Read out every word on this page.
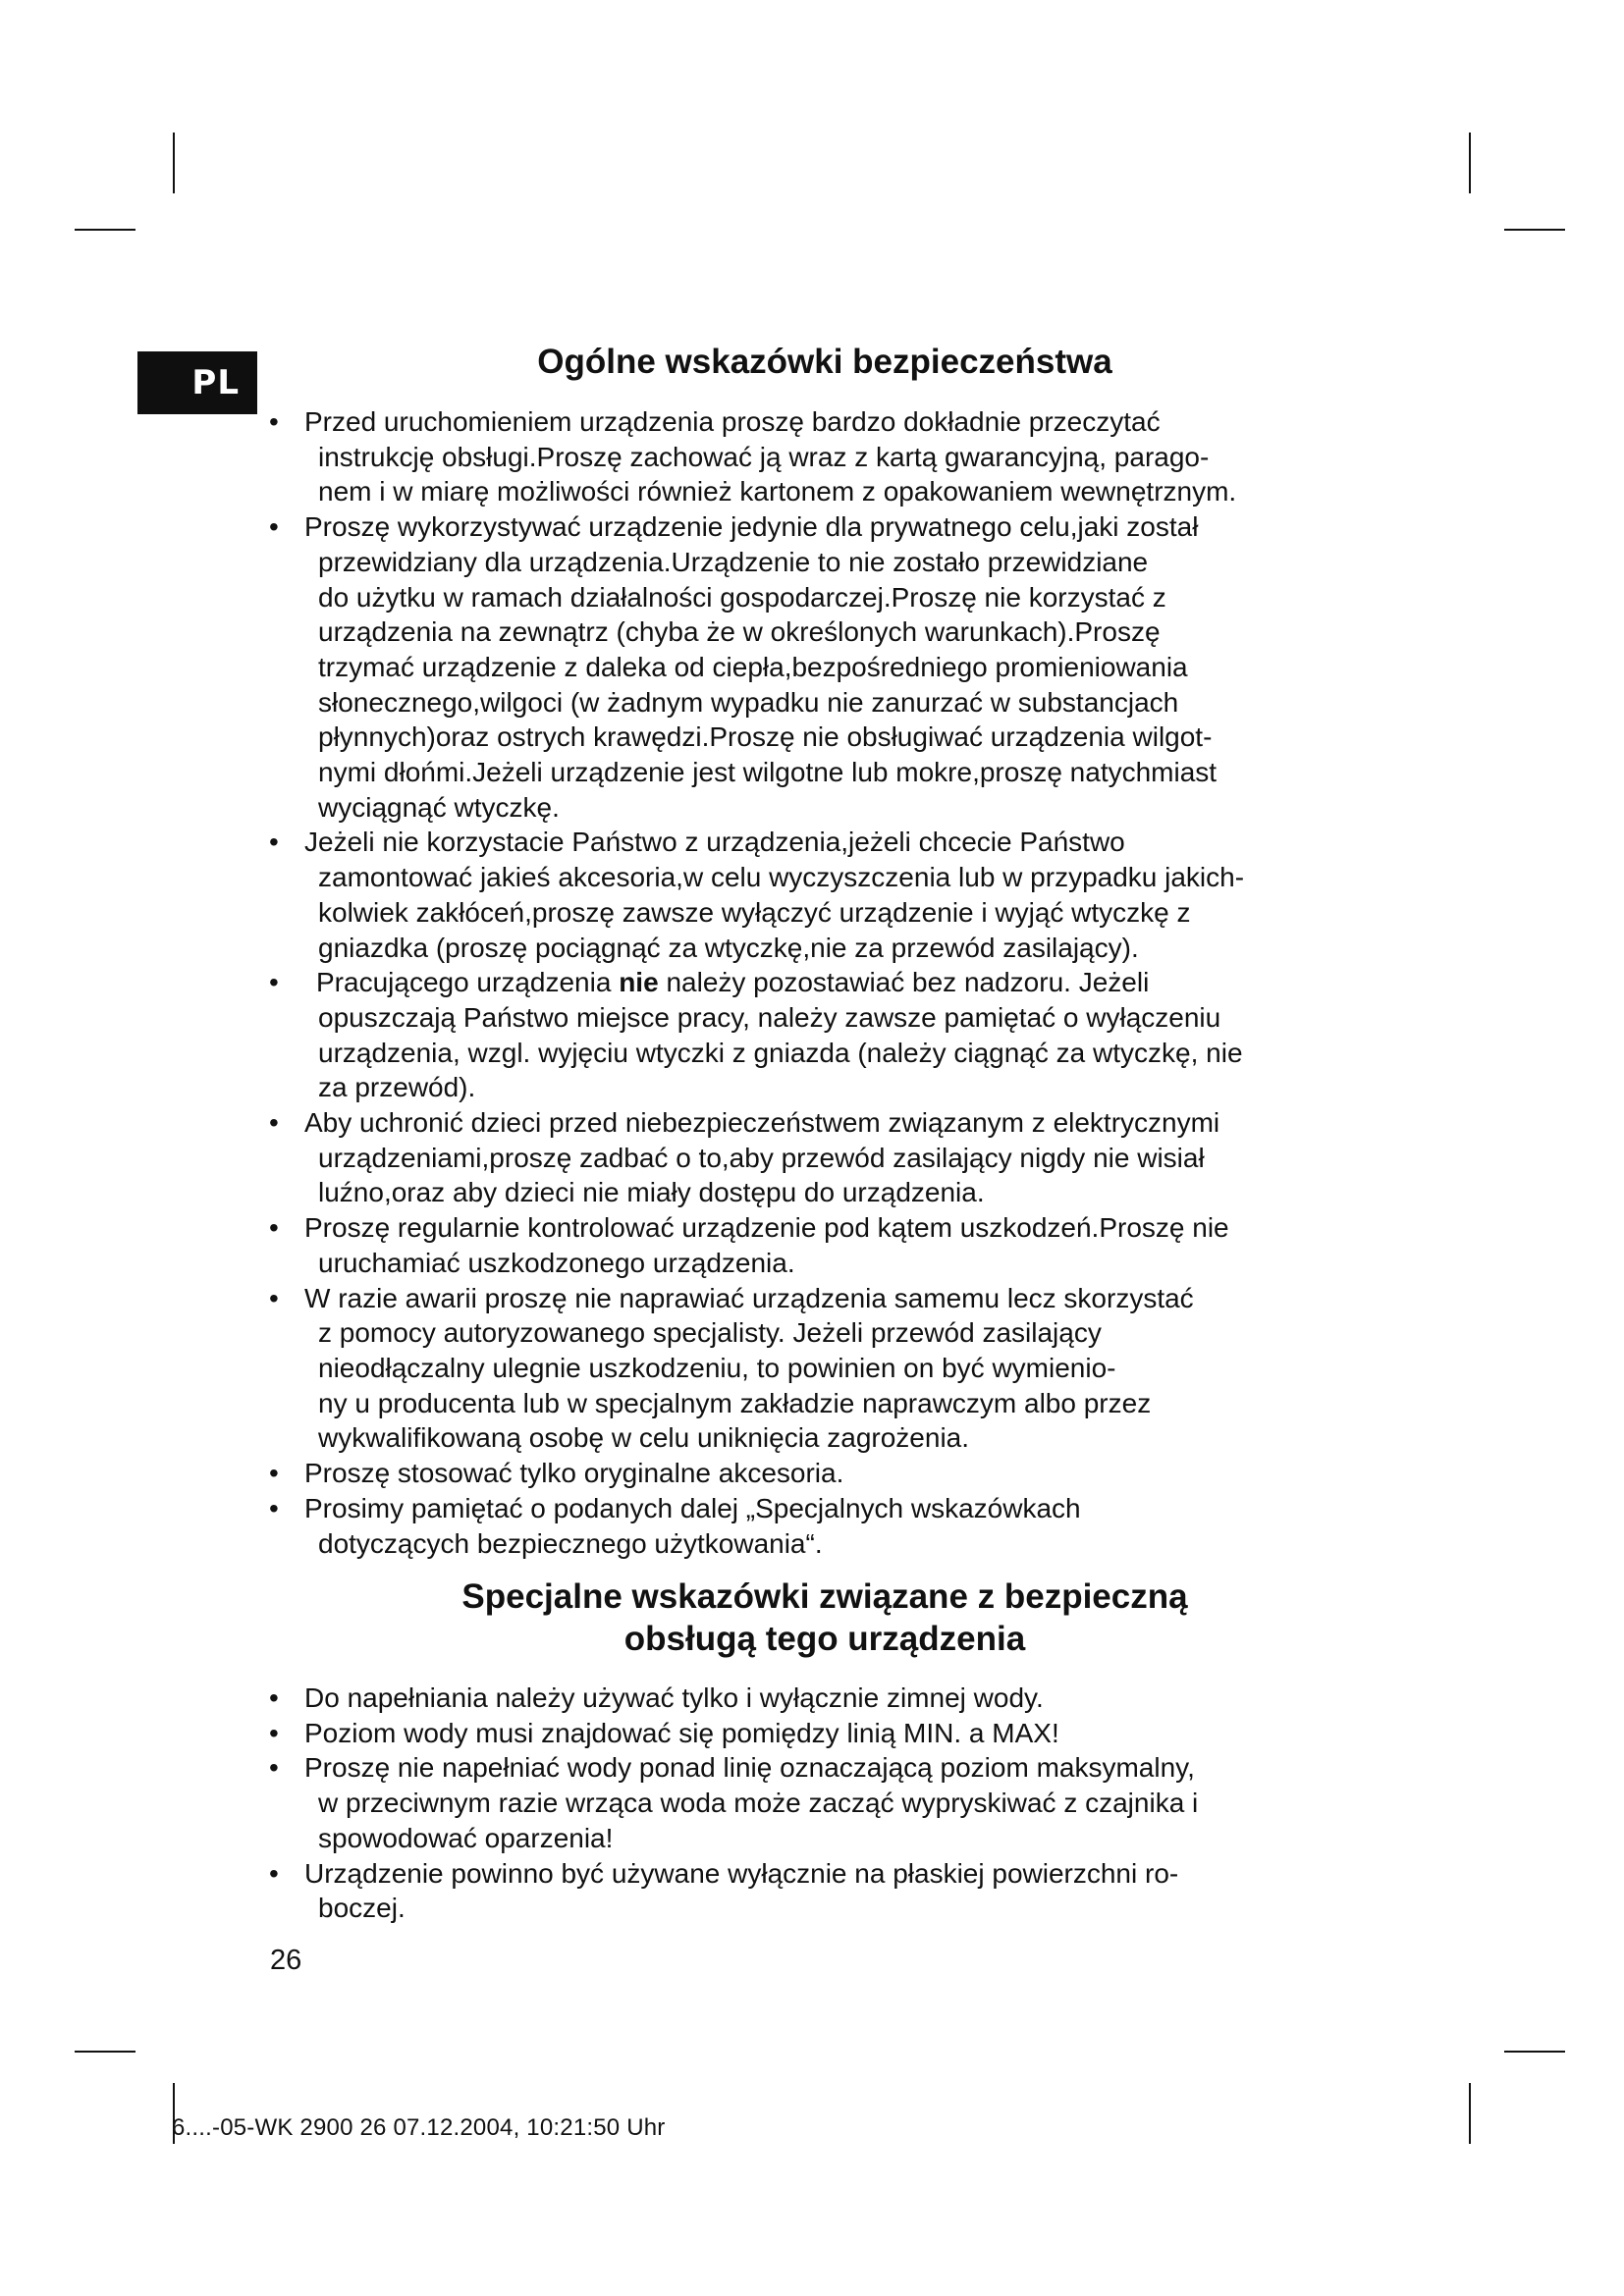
PL
Ogólne wskazówki bezpieczeństwa
• Przed uruchomieniem urządzenia proszę bardzo dokładnie przeczytać
instrukcję obsługi.Proszę zachować ją wraz z kartą gwarancyjną, parago-
nem i w miarę możliwości również kartonem z opakowaniem wewnętrznym.
• Proszę wykorzystywać urządzenie jedynie dla prywatnego celu,jaki został
przewidziany dla urządzenia.Urządzenie to nie zostało przewidziane
do użytku w ramach działalności gospodarczej.Proszę nie korzystać z
urządzenia na zewnątrz (chyba że w określonych warunkach).Proszę
trzymać urządzenie z daleka od ciepła,bezpośredniego promieniowania
słonecznego,wilgoci (w żadnym wypadku nie zanurzać w substancjach
płynnych)oraz ostrych krawędzi.Proszę nie obsługiwać urządzenia wilgot-
nymi dłońmi.Jeżeli urządzenie jest wilgotne lub mokre,proszę natychmiast
wyciągnąć wtyczkę.
• Jeżeli nie korzystacie Państwo z urządzenia,jeżeli chcecie Państwo
zamontować jakieś akcesoria,w celu wyczyszczenia lub w przypadku jakich-
kolwiek zakłóceń,proszę zawsze wyłączyć urządzenie i wyjąć wtyczkę z
gniazdka (proszę pociągnąć za wtyczkę,nie za przewód zasilający).
•	Pracującego urządzenia nie należy pozostawiać bez nadzoru. Jeżeli
opuszczają Państwo miejsce pracy, należy zawsze pamiętać o wyłączeniu
urządzenia, wzgl. wyjęciu wtyczki z gniazda (należy ciągnąć za wtyczkę, nie
za przewód).
• Aby uchronić dzieci przed niebezpieczeństwem związanym z elektrycznymi
urządzeniami,proszę zadbać o to,aby przewód zasilający nigdy nie wisiał
luźno,oraz aby dzieci nie miały dostępu do urządzenia.
• Proszę regularnie kontrolować urządzenie pod kątem uszkodzeń.Proszę nie
uruchamiać uszkodzonego urządzenia.
• W razie awarii proszę nie naprawiać urządzenia samemu lecz skorzystać
z pomocy autoryzowanego specjalisty. Jeżeli przewód zasilający
nieodłączalny ulegnie uszkodzeniu, to powinien on być wymienio-
ny u producenta lub w specjalnym zakładzie naprawczym albo przez
wykwalifikowaną osobę w celu uniknięcia zagrożenia.
• Proszę stosować tylko oryginalne akcesoria.
• Prosimy pamiętać o podanych dalej „Specjalnych wskazówkach
dotyczących bezpiecznego użytkowania“.
Specjalne wskazówki związane z bezpieczną
obsługą tego urządzenia
• Do napełniania należy używać tylko i wyłącznie zimnej wody.
• Poziom wody musi znajdować się pomiędzy linią MIN. a MAX!
• Proszę nie napełniać wody ponad linię oznaczającą poziom maksymalny,
w przeciwnym razie wrząca woda może zacząć wypryskiwać z czajnika i
spowodować oparzenia!
• Urządzenie powinno być używane wyłącznie na płaskiej powierzchni ro-
boczej.
26
6....-05-WK 2900 26 07.12.2004, 10:21:50 Uhr
